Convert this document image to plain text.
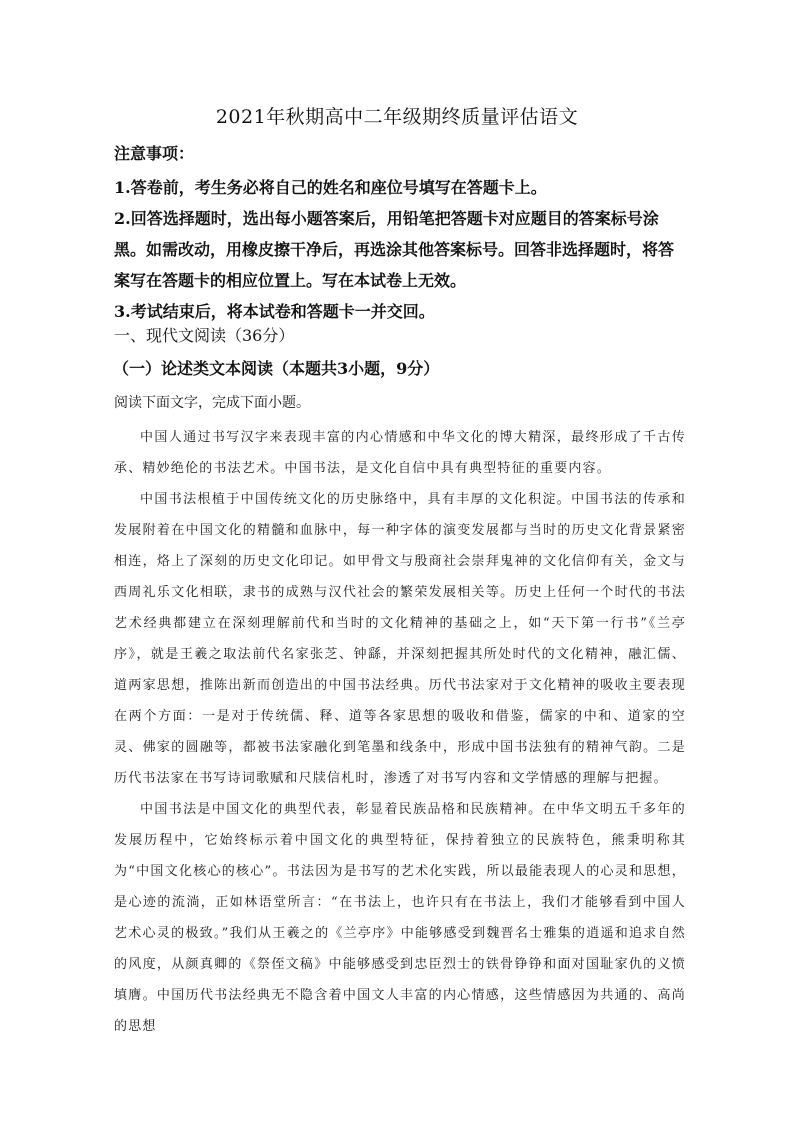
2021年秋期高中二年级期终质量评估语文
注意事项：

1.答卷前，考生务必将自己的姓名和座位号填写在答题卡上。

2.回答选择题时，选出每小题答案后，用铅笔把答题卡对应题目的答案标号涂黑。如需改动，用橡皮擦干净后，再选涂其他答案标号。回答非选择题时，将答案写在答题卡的相应位置上。写在本试卷上无效。

3.考试结束后，将本试卷和答题卡一并交回。

一、现代文阅读（36分）
（一）论述类文本阅读（本题共3小题，9分）
阅读下面文字，完成下面小题。

中国人通过书写汉字来表现丰富的内心情感和中华文化的博大精深，最终形成了千古传承、精妙绝伦的书法艺术。中国书法，是文化自信中具有典型特征的重要内容。

中国书法根植于中国传统文化的历史脉络中，具有丰厚的文化积淀。中国书法的传承和发展附着在中国文化的精髓和血脉中，每一种字体的演变发展都与当时的历史文化背景紧密相连，烙上了深刻的历史文化印记。如甲骨文与殷商社会崇拜鬼神的文化信仰有关，金文与西周礼乐文化相联，隶书的成熟与汉代社会的繁荣发展相关等。历史上任何一个时代的书法艺术经典都建立在深刻理解前代和当时的文化精神的基础之上，如“天下第一行书”《兰亭序》，就是王羲之取法前代名家张芝、钟繇，并深刻把握其所处时代的文化精神，融汇儒、道两家思想，推陈出新而创造出的中国书法经典。历代书法家对于文化精神的吸收主要表现在两个方面：一是对于传统儒、释、道等各家思想的吸收和借鉴，儒家的中和、道家的空灵、佛家的圆融等，都被书法家融化到笔墨和线条中，形成中国书法独有的精神气韵。二是历代书法家在书写诗词歌赋和尺牍信札时，渗透了对书写内容和文学情感的理解与把握。

中国书法是中国文化的典型代表，彰显着民族品格和民族精神。在中华文明五千多年的发展历程中，它始终标示着中国文化的典型特征，保持着独立的民族特色，熊秉明称其为“中国文化核心的核心”。书法因为是书写的艺术化实践，所以最能表现人的心灵和思想，是心迹的流淌，正如林语堂所言：“在书法上，也许只有在书法上，我们才能够看到中国人艺术心灵的极致。”我们从王羲之的《兰亭序》中能够感受到魏晋名士雅集的逍遥和追求自然的风度，从颜真卿的《祭侄文稿》中能够感受到忠臣烈士的铁骨铮铮和面对国耻家仇的义愤填膺。中国历代书法经典无不隐含着中国文人丰富的内心情感，这些情感因为共通的、高尚的思想
